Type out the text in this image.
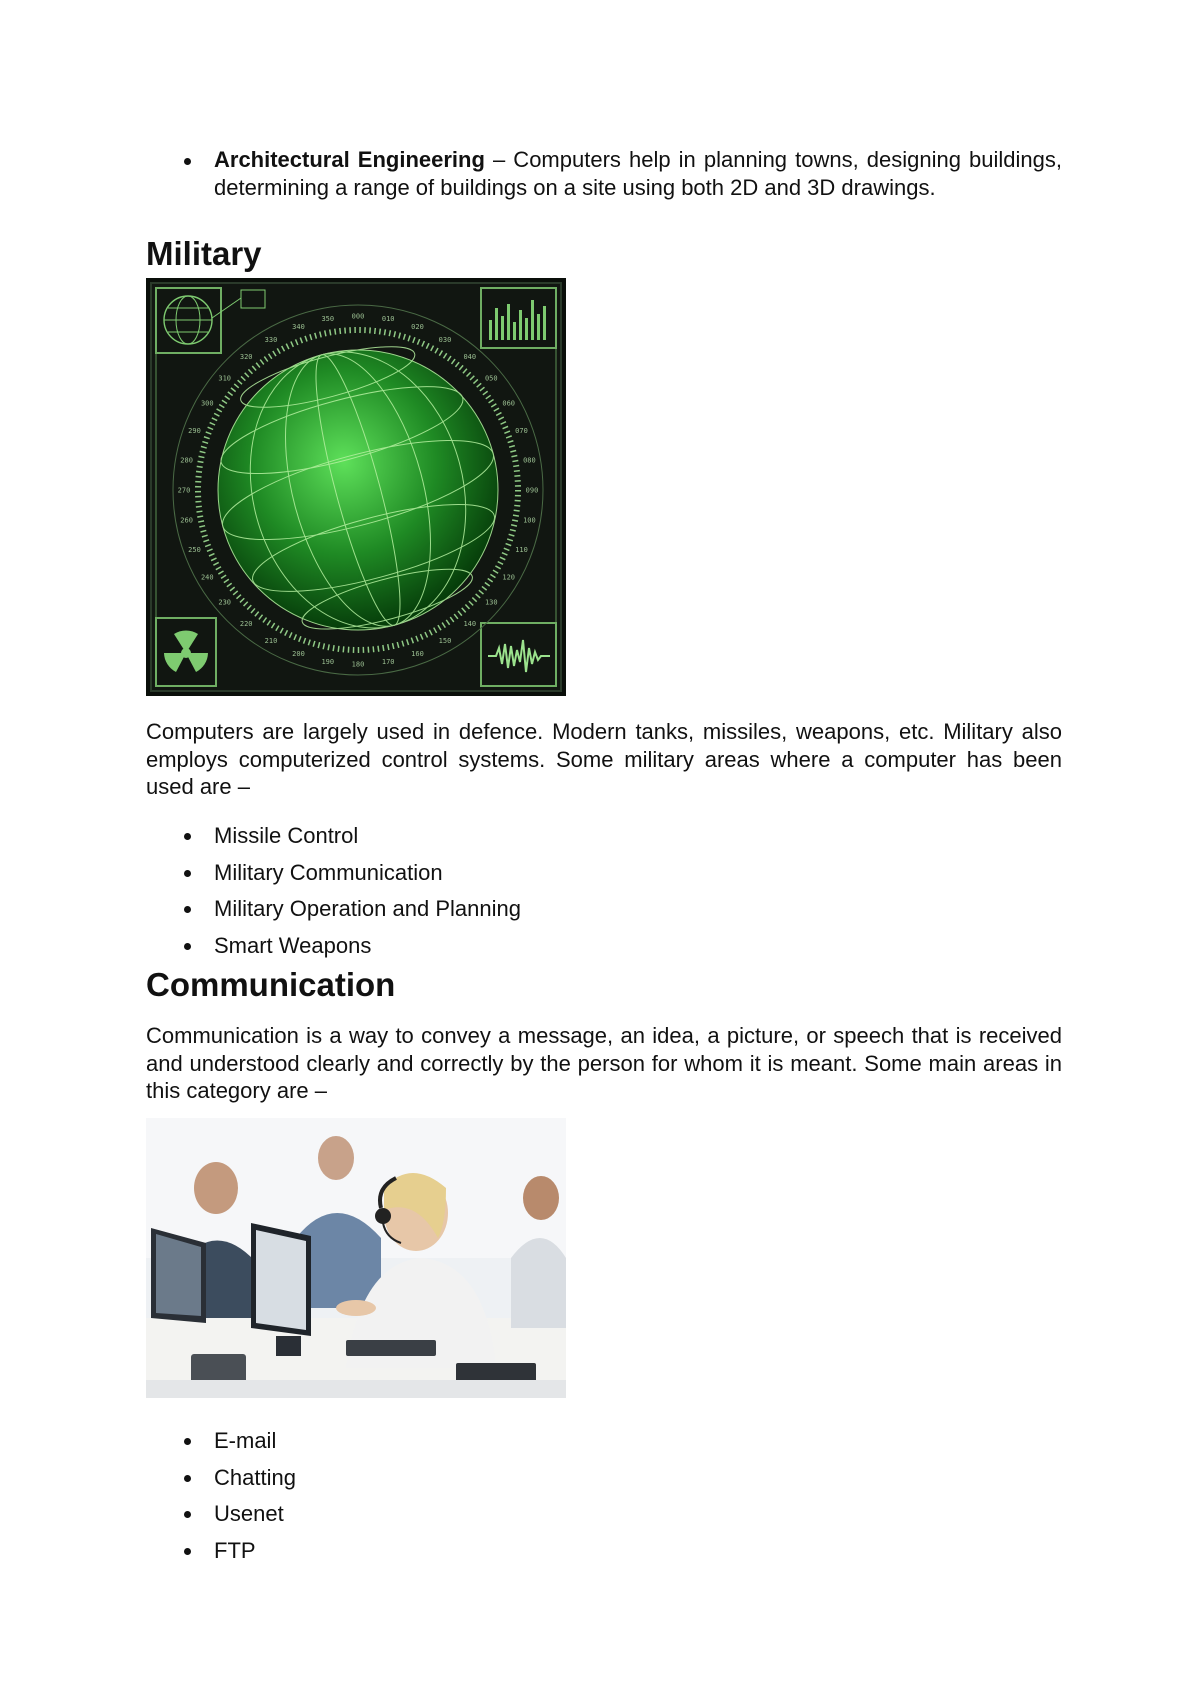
Architectural Engineering – Computers help in planning towns, designing buildings, determining a range of buildings on a site using both 2D and 3D drawings.
Military
000	010
020
030
040
050
060
070
080
090
100
110
120
130
140
150
160
170
180
190
200
210
220
230
240
250
260
270
280
290
300
310
320
330
340
350
Computers are largely used in defence. Modern tanks, missiles, weapons, etc. Military also employs computerized control systems. Some military areas where a computer has been used are –
Missile Control
Military Communication
Military Operation and Planning
Smart Weapons
Communication
Communication is a way to convey a message, an idea, a picture, or speech that is received and understood clearly and correctly by the person for whom it is meant. Some main areas in this category are –
E-mail
Chatting
Usenet
FTP
